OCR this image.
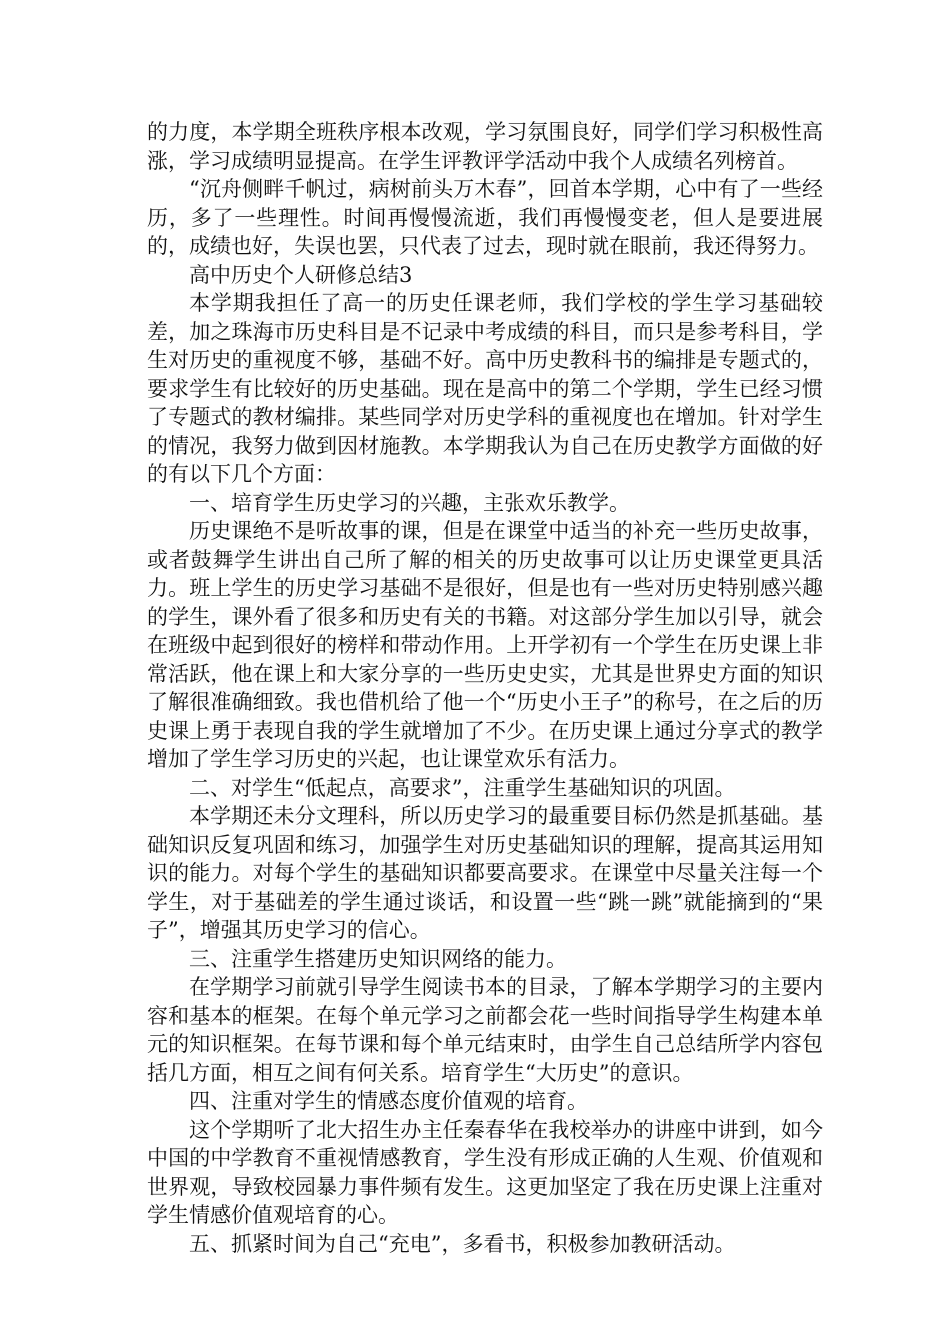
的力度，本学期全班秩序根本改观，学习氛围良好，同学们学习积极性高涨，学习成绩明显提高。在学生评教评学活动中我个人成绩名列榜首。

“沉舟侧畔千帆过，病树前头万木春”，回首本学期，心中有了一些经历，多了一些理性。时间再慢慢流逝，我们再慢慢变老，但人是要进展的，成绩也好，失误也罢，只代表了过去，现时就在眼前，我还得努力。

高中历史个人研修总结3

本学期我担任了高一的历史任课老师，我们学校的学生学习基础较差，加之珠海市历史科目是不记录中考成绩的科目，而只是参考科目，学生对历史的重视度不够，基础不好。高中历史教科书的编排是专题式的，要求学生有比较好的历史基础。现在是高中的第二个学期，学生已经习惯了专题式的教材编排。某些同学对历史学科的重视度也在增加。针对学生的情况，我努力做到因材施教。本学期我认为自己在历史教学方面做的好的有以下几个方面：

一、培育学生历史学习的兴趣，主张欢乐教学。

历史课绝不是听故事的课，但是在课堂中适当的补充一些历史故事，或者鼓舞学生讲出自己所了解的相关的历史故事可以让历史课堂更具活力。班上学生的历史学习基础不是很好，但是也有一些对历史特别感兴趣的学生，课外看了很多和历史有关的书籍。对这部分学生加以引导，就会在班级中起到很好的榜样和带动作用。上开学初有一个学生在历史课上非常活跃，他在课上和大家分享的一些历史史实，尤其是世界史方面的知识了解很准确细致。我也借机给了他一个“历史小王子”的称号，在之后的历史课上勇于表现自我的学生就增加了不少。在历史课上通过分享式的教学增加了学生学习历史的兴起，也让课堂欢乐有活力。

二、对学生“低起点，高要求”，注重学生基础知识的巩固。

本学期还未分文理科，所以历史学习的最重要目标仍然是抓基础。基础知识反复巩固和练习，加强学生对历史基础知识的理解，提高其运用知识的能力。对每个学生的基础知识都要高要求。在课堂中尽量关注每一个学生，对于基础差的学生通过谈话，和设置一些“跳一跳”就能摘到的“果子”，增强其历史学习的信心。

三、注重学生搭建历史知识网络的能力。

在学期学习前就引导学生阅读书本的目录，了解本学期学习的主要内容和基本的框架。在每个单元学习之前都会花一些时间指导学生构建本单元的知识框架。在每节课和每个单元结束时，由学生自己总结所学内容包括几方面，相互之间有何关系。培育学生“大历史”的意识。

四、注重对学生的情感态度价值观的培育。

这个学期听了北大招生办主任秦春华在我校举办的讲座中讲到，如今中国的中学教育不重视情感教育，学生没有形成正确的人生观、价值观和世界观，导致校园暴力事件频有发生。这更加坚定了我在历史课上注重对学生情感价值观培育的心。

五、抓紧时间为自己“充电”，多看书，积极参加教研活动。
